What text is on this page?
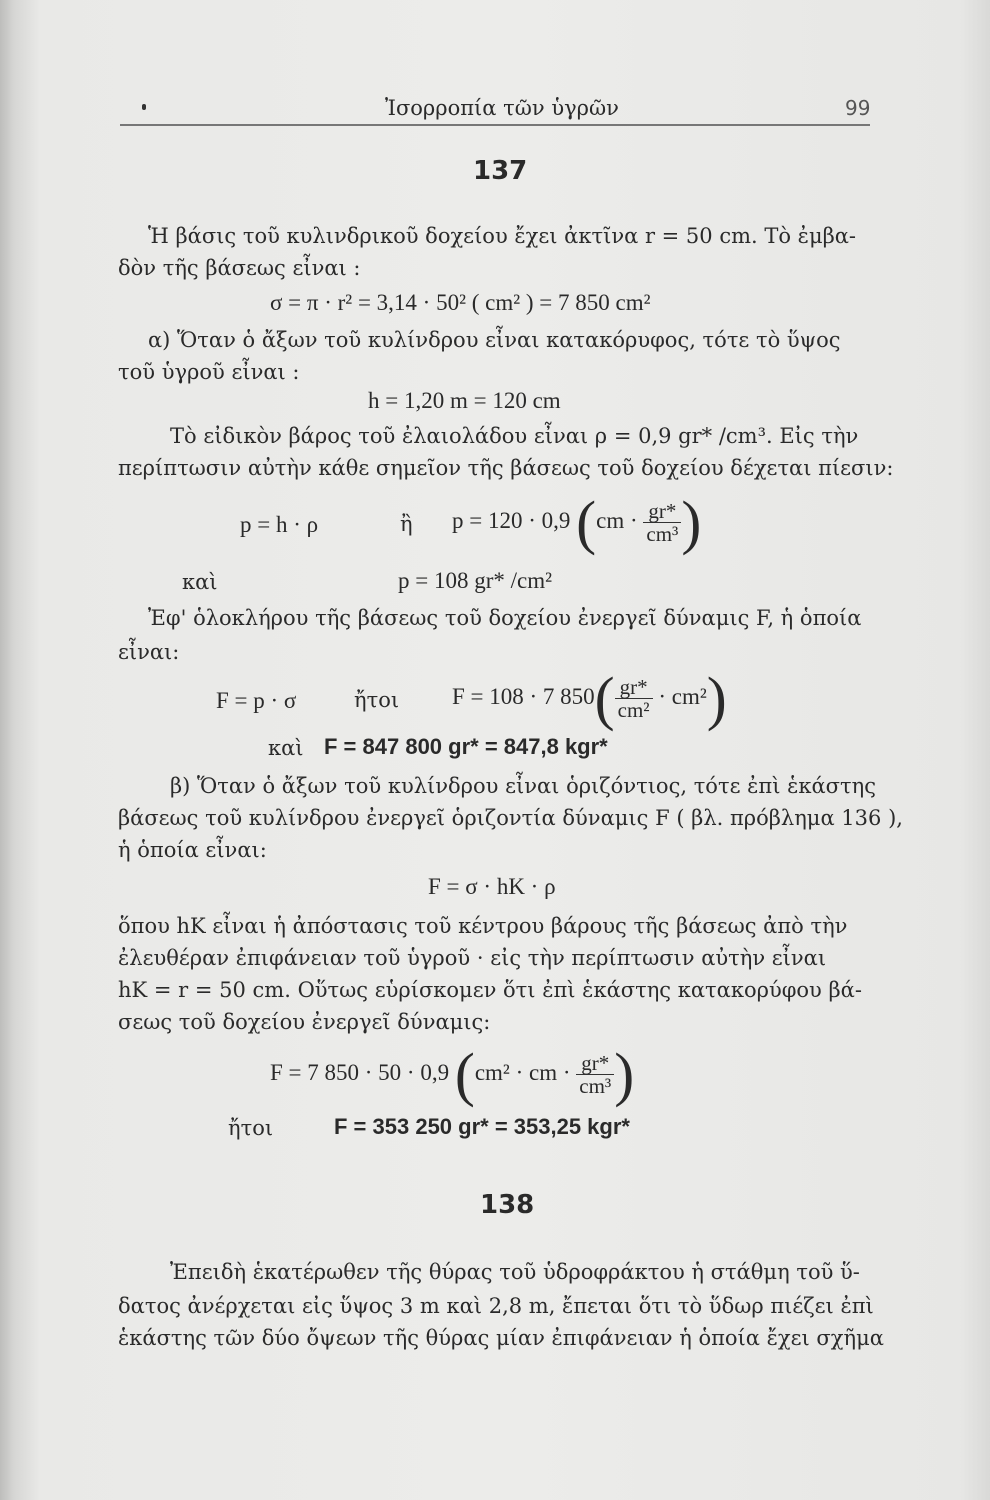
Ἰσορροπία τῶν ὑγρῶν	99
137
Ἡ βάσις τοῦ κυλινδρικοῦ δοχείου ἔχει ἀκτῖνα r = 50 cm. Τὸ ἐμβα-
δὸν τῆς βάσεως εἶναι :
σ = π · r² = 3,14 · 50² ( cm² ) = 7 850 cm²
α) Ὅταν ὁ ἄξων τοῦ κυλίνδρου εἶναι κατακόρυφος, τότε τὸ ὕψος
τοῦ ὑγροῦ εἶναι :
h = 1,20 m = 120 cm
Τὸ εἰδικὸν βάρος τοῦ ἐλαιολάδου εἶναι ρ = 0,9 gr* /cm³. Εἰς τὴν
περίπτωσιν αὐτὴν κάθε σημεῖον τῆς βάσεως τοῦ δοχείου δέχεται πίεσιν:
p = h · ρ	ἢ p = 120 · 0,9 ($cm \cdot \frac{gr*}{\text{cm³}}$ )
καὶ	p = 108 gr* /cm²
Ἐφ' ὁλοκλήρου τῆς βάσεως τοῦ δοχείου ἐνεργεῖ δύναμις F, ἡ ὁποία
εἶναι:
F = p · σ	ἤτοι F = 108 · 7 $850( \frac{gr*}{\text{cm²}} \cdot cm^2)$
καὶ F = 847 800 gr* = 847,8 kgr*
β) Ὅταν ὁ ἄξων τοῦ κυλίνδρου εἶναι ὁριζόντιος, τότε ἐπὶ ἑκάστης
βάσεως τοῦ κυλίνδρου ἐνεργεῖ ὁριζοντία δύναμις F ( βλ. πρόβλημα 136 ),
ἡ ὁποία εἶναι:
F = σ · hK · ρ
ὅπου hK εἶναι ἡ ἀπόστασις τοῦ κέντρου βάρους τῆς βάσεως ἀπὸ τὴν
ἐλευθέραν ἐπιφάνειαν τοῦ ὑγροῦ · εἰς τὴν περίπτωσιν αὐτὴν εἶναι
hK = r = 50 cm. Οὕτως εὑρίσκομεν ὅτι ἐπὶ ἑκάστης κατακορύφου βά-
σεως τοῦ δοχείου ἐνεργεῖ δύναμις:
F = 7 850 · 50 · 0,9 (cm² · cm · $\frac{gr*}{\text{cm³}}$ )
ἤτοι	F = 353 250 gr* = 353,25 kgr*
138
Ἐπειδὴ ἑκατέρωθεν τῆς θύρας τοῦ ὑδροφράκτου ἡ στάθμη τοῦ ὕ-
δατος ἀνέρχεται εἰς ὕψος 3 m καὶ 2,8 m, ἔπεται ὅτι τὸ ὕδωρ πιέζει ἐπὶ
ἑκάστης τῶν δύο ὄψεων τῆς θύρας μίαν ἐπιφάνειαν ἡ ὁποία ἔχει σχῆμα
